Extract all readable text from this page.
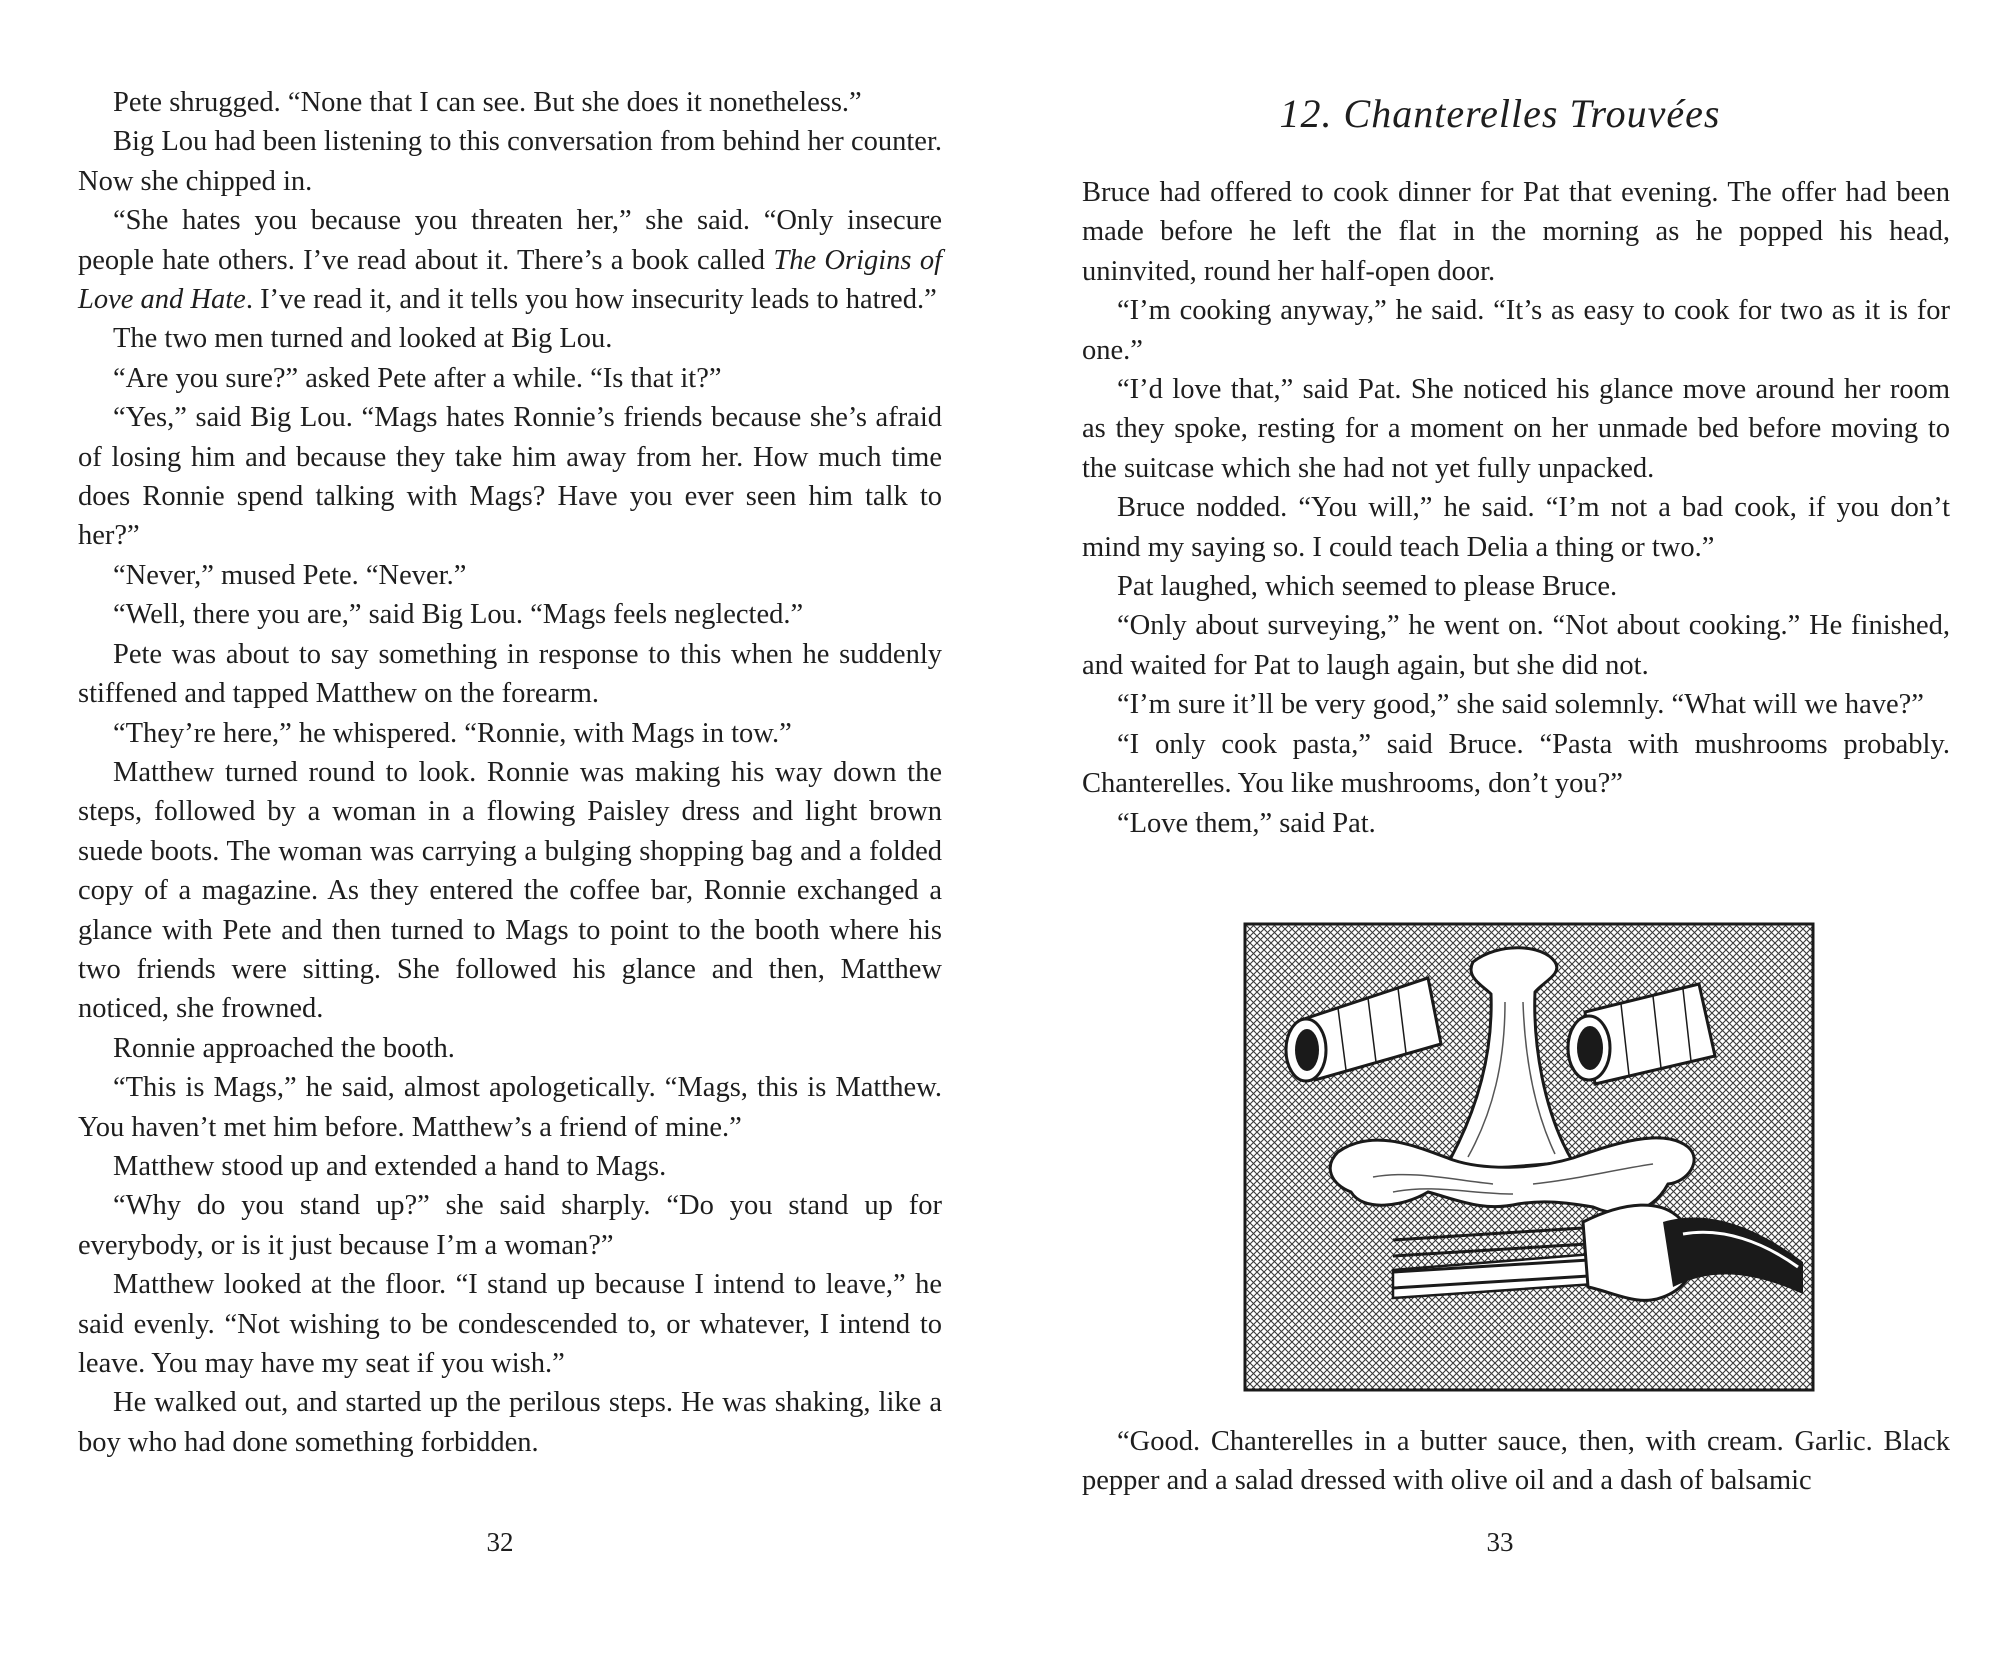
Pete shrugged. “None that I can see. But she does it nonetheless.”

Big Lou had been listening to this conversation from behind her counter. Now she chipped in.

“She hates you because you threaten her,” she said. “Only insecure people hate others. I’ve read about it. There’s a book called The Origins of Love and Hate. I’ve read it, and it tells you how insecurity leads to hatred.”

The two men turned and looked at Big Lou.

“Are you sure?” asked Pete after a while. “Is that it?”

“Yes,” said Big Lou. “Mags hates Ronnie’s friends because she’s afraid of losing him and because they take him away from her. How much time does Ronnie spend talking with Mags? Have you ever seen him talk to her?”

“Never,” mused Pete. “Never.”

“Well, there you are,” said Big Lou. “Mags feels neglected.”

Pete was about to say something in response to this when he suddenly stiffened and tapped Matthew on the forearm.

“They’re here,” he whispered. “Ronnie, with Mags in tow.”

Matthew turned round to look. Ronnie was making his way down the steps, followed by a woman in a flowing Paisley dress and light brown suede boots. The woman was carrying a bulging shopping bag and a folded copy of a magazine. As they entered the coffee bar, Ronnie exchanged a glance with Pete and then turned to Mags to point to the booth where his two friends were sitting. She followed his glance and then, Matthew noticed, she frowned.

Ronnie approached the booth.

“This is Mags,” he said, almost apologetically. “Mags, this is Matthew. You haven’t met him before. Matthew’s a friend of mine.”

Matthew stood up and extended a hand to Mags.

“Why do you stand up?” she said sharply. “Do you stand up for everybody, or is it just because I’m a woman?”

Matthew looked at the floor. “I stand up because I intend to leave,” he said evenly. “Not wishing to be condescended to, or whatever, I intend to leave. You may have my seat if you wish.”

He walked out, and started up the perilous steps. He was shaking, like a boy who had done something forbidden.

32
12. Chanterelles Trouvées

Bruce had offered to cook dinner for Pat that evening. The offer had been made before he left the flat in the morning as he popped his head, uninvited, round her half-open door.

“I’m cooking anyway,” he said. “It’s as easy to cook for two as it is for one.”

“I’d love that,” said Pat. She noticed his glance move around her room as they spoke, resting for a moment on her unmade bed before moving to the suitcase which she had not yet fully unpacked.

Bruce nodded. “You will,” he said. “I’m not a bad cook, if you don’t mind my saying so. I could teach Delia a thing or two.”

Pat laughed, which seemed to please Bruce.

“Only about surveying,” he went on. “Not about cooking.” He finished, and waited for Pat to laugh again, but she did not.

“I’m sure it’ll be very good,” she said solemnly. “What will we have?”

“I only cook pasta,” said Bruce. “Pasta with mushrooms probably. Chanterelles. You like mushrooms, don’t you?”

“Love them,” said Pat.

“Good. Chanterelles in a butter sauce, then, with cream. Garlic. Black pepper and a salad dressed with olive oil and a dash of balsamic

33
